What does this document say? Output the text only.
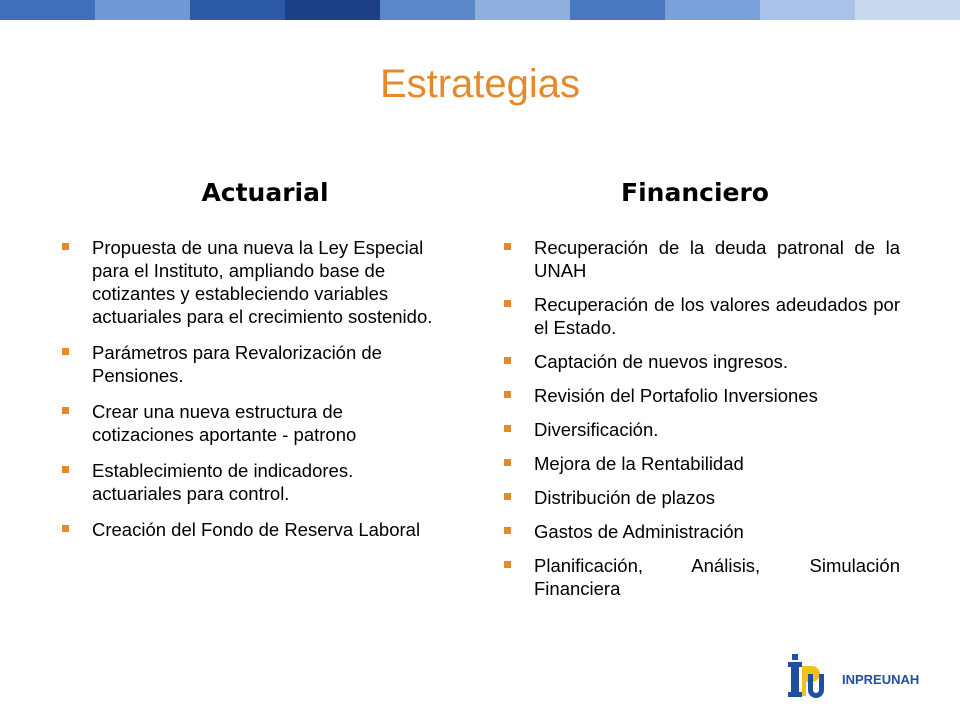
Estrategias
Actuarial	Financiero
Propuesta de una nueva la Ley Especial para el Instituto, ampliando base de cotizantes y estableciendo variables actuariales para el crecimiento sostenido.
Parámetros para Revalorización de Pensiones.
Crear una nueva estructura de cotizaciones aportante - patrono
Establecimiento de indicadores. actuariales para control.
Creación del Fondo de Reserva Laboral
Recuperación de la deuda patronal de la UNAH
Recuperación de los valores adeudados por el Estado.
Captación de nuevos ingresos.
Revisión del Portafolio Inversiones
Diversificación.
Mejora de la Rentabilidad
Distribución de plazos
Gastos de Administración
Planificación, Análisis, Simulación Financiera
INPREUNAH
